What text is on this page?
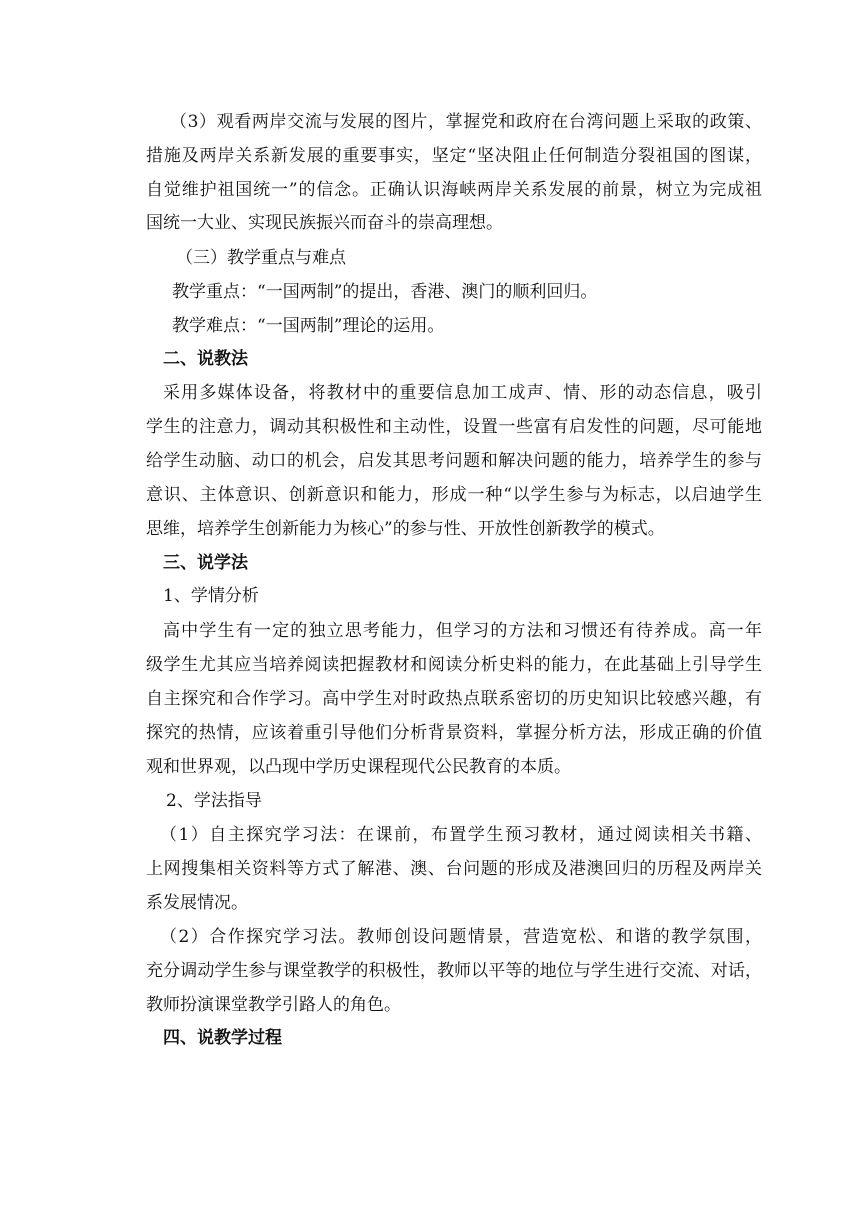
（3）观看两岸交流与发展的图片，掌握党和政府在台湾问题上采取的政策、
措施及两岸关系新发展的重要事实，坚定“坚决阻止任何制造分裂祖国的图谋，
自觉维护祖国统一”的信念。正确认识海峡两岸关系发展的前景，树立为完成祖
国统一大业、实现民族振兴而奋斗的崇高理想。
（三）教学重点与难点
教学重点：“一国两制”的提出，香港、澳门的顺利回归。
教学难点：“一国两制”理论的运用。
二、说教法
采用多媒体设备，将教材中的重要信息加工成声、情、形的动态信息，吸引
学生的注意力，调动其积极性和主动性，设置一些富有启发性的问题，尽可能地
给学生动脑、动口的机会，启发其思考问题和解决问题的能力，培养学生的参与
意识、主体意识、创新意识和能力，形成一种“以学生参与为标志，以启迪学生
思维，培养学生创新能力为核心”的参与性、开放性创新教学的模式。
三、说学法
1、学情分析
高中学生有一定的独立思考能力，但学习的方法和习惯还有待养成。高一年
级学生尤其应当培养阅读把握教材和阅读分析史料的能力，在此基础上引导学生
自主探究和合作学习。高中学生对时政热点联系密切的历史知识比较感兴趣，有
探究的热情，应该着重引导他们分析背景资料，掌握分析方法，形成正确的价值
观和世界观，以凸现中学历史课程现代公民教育的本质。
2、学法指导
（1）自主探究学习法：在课前，布置学生预习教材，通过阅读相关书籍、
上网搜集相关资料等方式了解港、澳、台问题的形成及港澳回归的历程及两岸关
系发展情况。
（2）合作探究学习法。教师创设问题情景，营造宽松、和谐的教学氛围，
充分调动学生参与课堂教学的积极性，教师以平等的地位与学生进行交流、对话，
教师扮演课堂教学引路人的角色。
四、说教学过程
